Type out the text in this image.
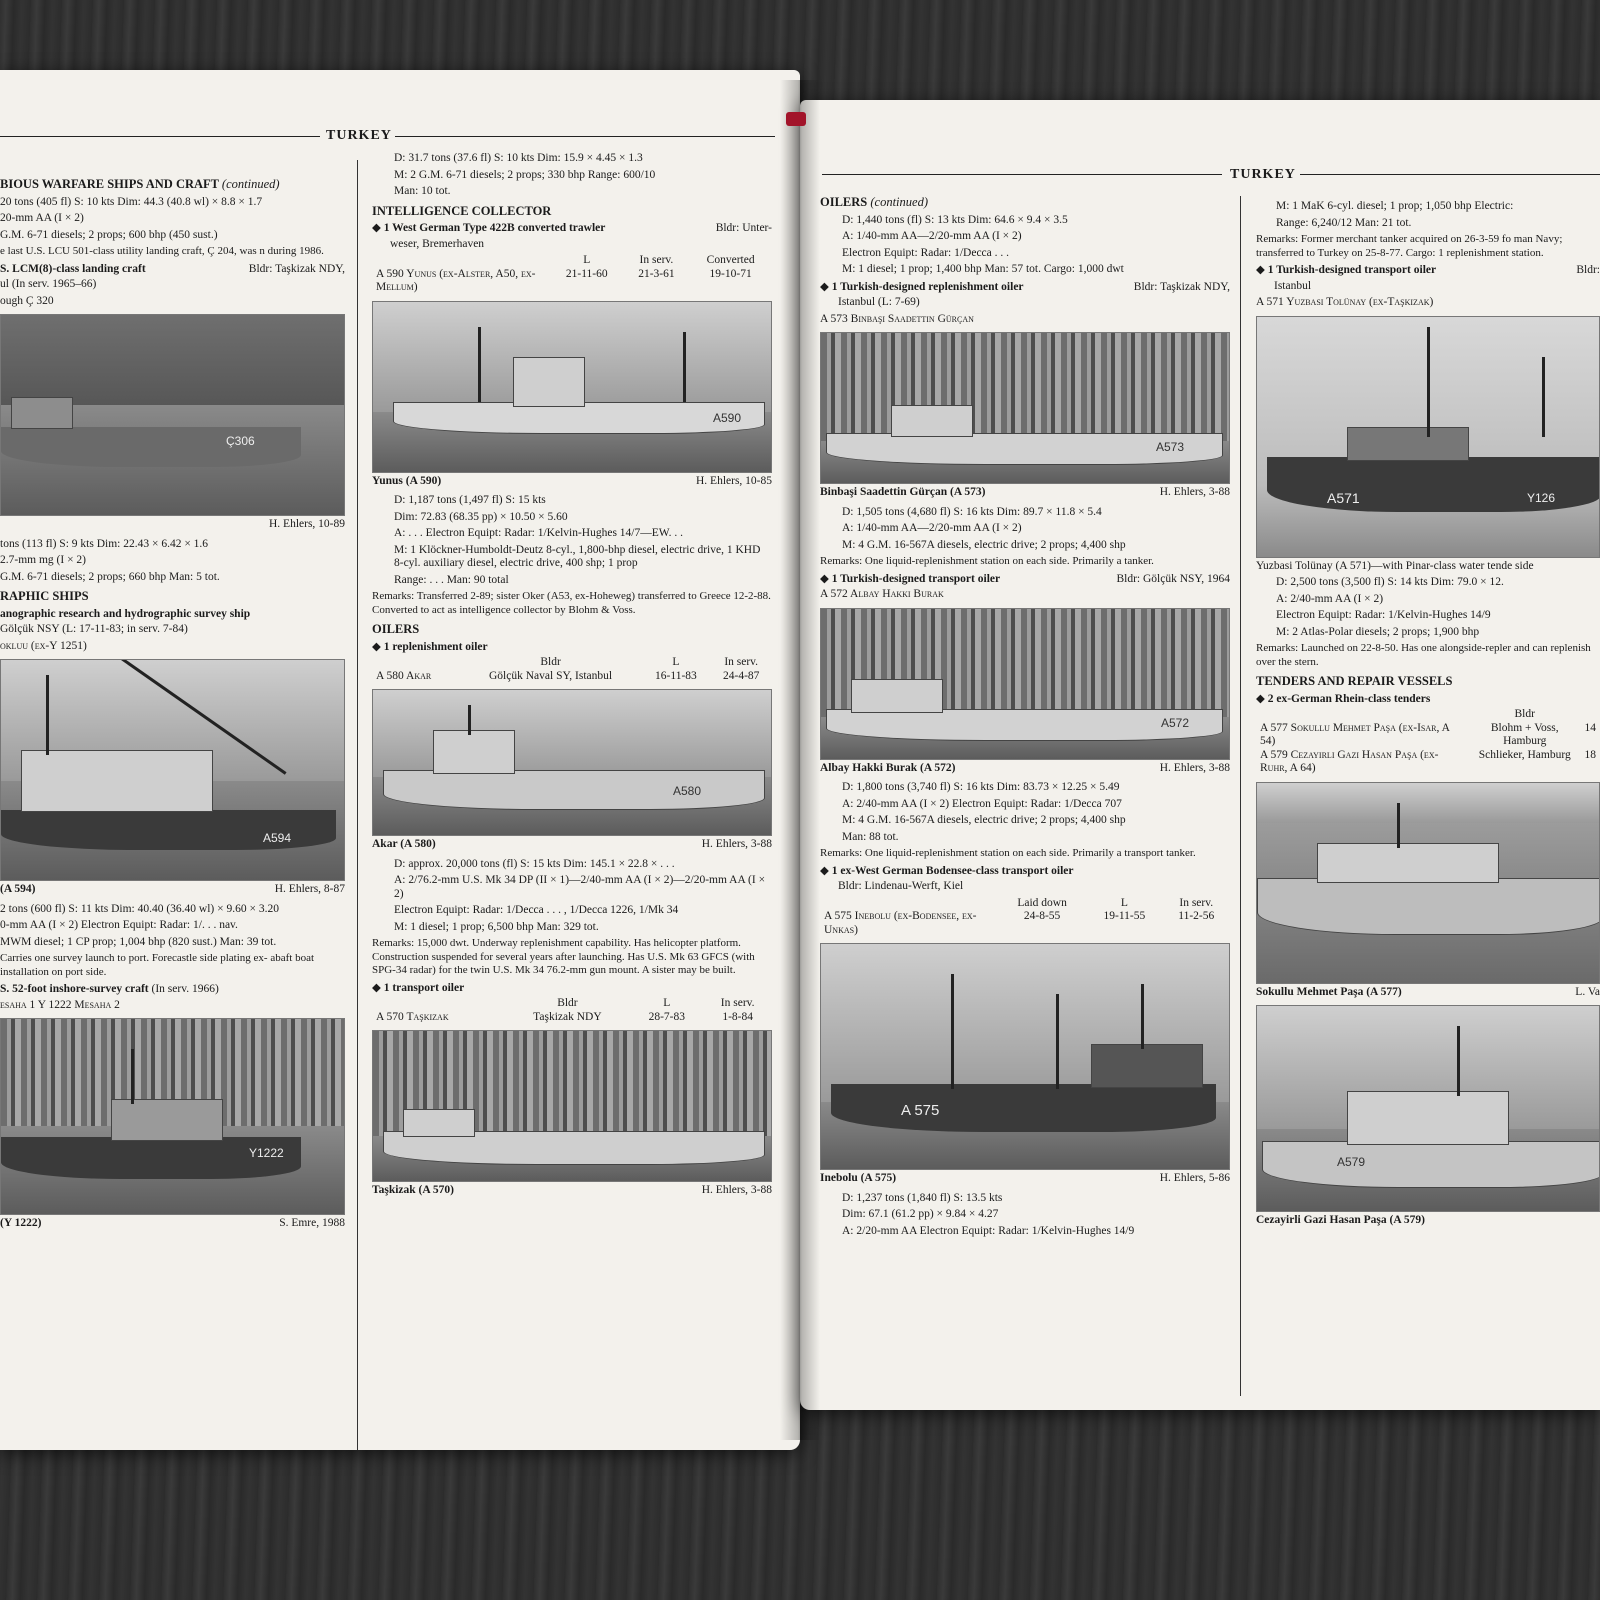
TURKEY

BIOUS WARFARE SHIPS AND CRAFT (continued)

20 tons (405 fl) S: 10 kts Dim: 44.3 (40.8 wl) × 8.8 × 1.7

20-mm AA (I × 2)

G.M. 6-71 diesels; 2 props; 600 bhp (450 sust.)

e last U.S. LCU 501-class utility landing craft, Ç 204, was n during 1986.

S. LCM(8)-class landing craft	Bldr: Taşkizak NDY,

ul (In serv. 1965–66)

ough Ç 320

Ç306
H. Ehlers, 10-89

tons (113 fl) S: 9 kts Dim: 22.43 × 6.42 × 1.6

2.7-mm mg (I × 2)

G.M. 6-71 diesels; 2 props; 660 bhp Man: 5 tot.

RAPHIC SHIPS

anographic research and hydrographic survey ship

Gölçük NSY (L: 17-11-83; in serv. 7-84)

okluu (ex-Y 1251)

A594
(A 594)	H. Ehlers, 8-87

2 tons (600 fl) S: 11 kts Dim: 40.40 (36.40 wl) × 9.60 × 3.20

0-mm AA (I × 2) Electron Equipt: Radar: 1/. . . nav.

MWM diesel; 1 CP prop; 1,004 bhp (820 sust.) Man: 39 tot.

Carries one survey launch to port. Forecastle side plating ex- abaft boat installation on port side.

S. 52-foot inshore-survey craft (In serv. 1966)

esaha 1 Y 1222 Mesaha 2

Y1222
(Y 1222)	S. Emre, 1988

D: 31.7 tons (37.6 fl) S: 10 kts Dim: 15.9 × 4.45 × 1.3

M: 2 G.M. 6-71 diesels; 2 props; 330 bhp Range: 600/10

Man: 10 tot.

INTELLIGENCE COLLECTOR

◆ 1 West German Type 422B converted trawler	Bldr: Unter-

weser, Bremerhaven

	L	In serv.	Converted
A 590 Yunus (ex-Alster, A50, ex-Mellum)	21-11-60	21-3-61	19-10-71
A590
Yunus (A 590)	H. Ehlers, 10-85

D: 1,187 tons (1,497 fl) S: 15 kts

Dim: 72.83 (68.35 pp) × 10.50 × 5.60

A: . . . Electron Equipt: Radar: 1/Kelvin-Hughes 14/7—EW. . .

M: 1 Klöckner-Humboldt-Deutz 8-cyl., 1,800-bhp diesel, electric drive, 1 KHD 8-cyl. auxiliary diesel, electric drive, 400 shp; 1 prop

Range: . . . Man: 90 total

Remarks: Transferred 2-89; sister Oker (A53, ex-Hoheweg) transferred to Greece 12-2-88. Converted to act as intelligence collector by Blohm & Voss.

OILERS

◆ 1 replenishment oiler

	Bldr	L	In serv.
A 580 Akar	Gölçük Naval SY, Istanbul	16-11-83	24-4-87
A580
Akar (A 580)	H. Ehlers, 3-88

D: approx. 20,000 tons (fl) S: 15 kts Dim: 145.1 × 22.8 × . . .

A: 2/76.2-mm U.S. Mk 34 DP (II × 1)—2/40-mm AA (I × 2)—2/20-mm AA (I × 2)

Electron Equipt: Radar: 1/Decca . . . , 1/Decca 1226, 1/Mk 34

M: 1 diesel; 1 prop; 6,500 bhp Man: 329 tot.

Remarks: 15,000 dwt. Underway replenishment capability. Has helicopter platform. Construction suspended for several years after launching. Has U.S. Mk 63 GFCS (with SPG-34 radar) for the twin U.S. Mk 34 76.2-mm gun mount. A sister may be built.

◆ 1 transport oiler

	Bldr	L	In serv.
A 570 Taşkizak	Taşkizak NDY	28-7-83	1-8-84
Taşkizak (A 570)	H. Ehlers, 3-88
TURKEY

OILERS (continued)

D: 1,440 tons (fl) S: 13 kts Dim: 64.6 × 9.4 × 3.5

A: 1/40-mm AA—2/20-mm AA (I × 2)

Electron Equipt: Radar: 1/Decca . . .

M: 1 diesel; 1 prop; 1,400 bhp Man: 57 tot. Cargo: 1,000 dwt

◆ 1 Turkish-designed replenishment oiler	Bldr: Taşkizak NDY,

Istanbul (L: 7-69)

A 573 Binbaşi Saadettin Gürçan

A573
Binbaşi Saadettin Gürçan (A 573)	H. Ehlers, 3-88

D: 1,505 tons (4,680 fl) S: 16 kts Dim: 89.7 × 11.8 × 5.4

A: 1/40-mm AA—2/20-mm AA (I × 2)

M: 4 G.M. 16-567A diesels, electric drive; 2 props; 4,400 shp

Remarks: One liquid-replenishment station on each side. Primarily a tanker.

◆ 1 Turkish-designed transport oiler	Bldr: Gölçük NSY, 1964

A 572 Albay Hakki Burak

A572
Albay Hakki Burak (A 572)	H. Ehlers, 3-88

D: 1,800 tons (3,740 fl) S: 16 kts Dim: 83.73 × 12.25 × 5.49

A: 2/40-mm AA (I × 2) Electron Equipt: Radar: 1/Decca 707

M: 4 G.M. 16-567A diesels, electric drive; 2 props; 4,400 shp

Man: 88 tot.

Remarks: One liquid-replenishment station on each side. Primarily a transport tanker.

◆ 1 ex-West German Bodensee-class transport oiler

Bldr: Lindenau-Werft, Kiel

	Laid down	L	In serv.
A 575 Inebolu (ex-Bodensee, ex-Unkas)	24-8-55	19-11-55	11-2-56
A 575
Inebolu (A 575)	H. Ehlers, 5-86

D: 1,237 tons (1,840 fl) S: 13.5 kts

Dim: 67.1 (61.2 pp) × 9.84 × 4.27

A: 2/20-mm AA Electron Equipt: Radar: 1/Kelvin-Hughes 14/9

M: 1 MaK 6-cyl. diesel; 1 prop; 1,050 bhp Electric:

Range: 6,240/12 Man: 21 tot.

Remarks: Former merchant tanker acquired on 26-3-59 fo man Navy; transferred to Turkey on 25-8-77. Cargo: 1 replenishment station.

◆ 1 Turkish-designed transport oiler	Bldr:

Istanbul

A 571 Yuzbasi Tolünay (ex-Taşkizak)

A571	Y126

Yuzbasi Tolünay (A 571)—with Pinar-class water tende side

D: 2,500 tons (3,500 fl) S: 14 kts Dim: 79.0 × 12.

A: 2/40-mm AA (I × 2)

Electron Equipt: Radar: 1/Kelvin-Hughes 14/9

M: 2 Atlas-Polar diesels; 2 props; 1,900 bhp

Remarks: Launched on 22-8-50. Has one alongside-repler and can replenish over the stern.

TENDERS AND REPAIR VESSELS

◆ 2 ex-German Rhein-class tenders

	Bldr	
A 577 Sokullu Mehmet Paşa (ex-Isar, A 54)	Blohm + Voss, Hamburg	14
A 579 Cezayirli Gazi Hasan Paşa (ex-Ruhr, A 64)	Schlieker, Hamburg	18
Sokullu Mehmet Paşa (A 577)	L. Va
A579
Cezayirli Gazi Hasan Paşa (A 579)
